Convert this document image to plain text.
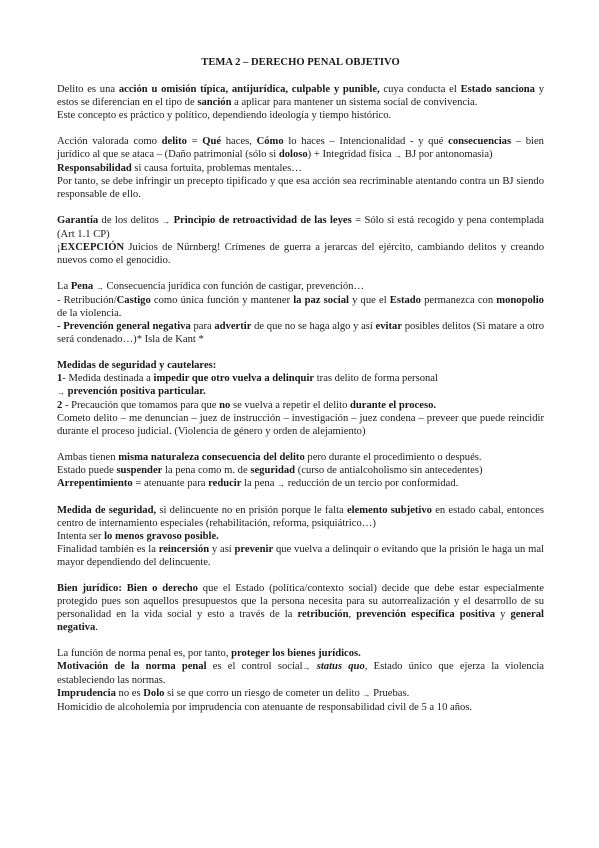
TEMA 2 – DERECHO PENAL OBJETIVO

Delito es una acción u omisión típica, antijurídica, culpable y punible, cuya conducta el Estado sanciona y estos se diferencian en el tipo de sanción a aplicar para mantener un sistema social de convivencia.

Este concepto es práctico y político, dependiendo ideología y tiempo histórico.

Acción valorada como delito = Qué haces, Cómo lo haces – Intencionalidad - y qué consecuencias – bien jurídico al que se ataca – (Daño patrimonial (sólo si doloso) + Integridad física → BJ por antonomasia)

Responsabilidad si causa fortuita, problemas mentales…

Por tanto, se debe infringir un precepto tipificado y que esa acción sea recriminable atentando contra un BJ siendo responsable de ello.

Garantía de los delitos → Principio de retroactividad de las leyes = Sólo si está recogido y pena contemplada (Art 1.1 CP)

¡EXCEPCIÓN Juicios de Nürnberg! Crímenes de guerra a jerarcas del ejército, cambiando delitos y creando nuevos como el genocidio.

La Pena → Consecuencia jurídica con función de castigar, prevención…

- Retribución/Castigo como única función y mantener la paz social y que el Estado permanezca con monopolio de la violencia.

- Prevención general negativa para advertir de que no se haga algo y así evitar posibles delitos (Si matare a otro será condenado…)* Isla de Kant *

Medidas de seguridad y cautelares:

1- Medida destinada a impedir que otro vuelva a delinquir tras delito de forma personal

→ prevención positiva particular.

2 - Precaución que tomamos para que no se vuelva a repetir el delito durante el proceso.

Cometo delito – me denuncian – juez de instrucción – investigación – juez condena – preveer que puede reincidir durante el proceso judicial. (Violencia de género y orden de alejamiento)

Ambas tienen misma naturaleza consecuencia del delito pero durante el procedimiento o después.

Estado puede suspender la pena como m. de seguridad (curso de antialcoholismo sin antecedentes)

Arrepentimiento = atenuante para reducir la pena → reducción de un tercio por conformidad.

Medida de seguridad, si delincuente no en prisión porque le falta elemento subjetivo en estado cabal, entonces centro de internamiento especiales (rehabilitación, reforma, psiquiátrico…)

Intenta ser lo menos gravoso posible.

Finalidad también es la reincersión y así prevenir que vuelva a delinquir o evitando que la prisión le haga un mal mayor dependiendo del delincuente.

Bien jurídico: Bien o derecho que el Estado (política/contexto social) decide que debe estar especialmente protegido pues son aquellos presupuestos que la persona necesita para su autorrealización y el desarrollo de su personalidad en la vida social y esto a través de la retribución, prevención específica positiva y general negativa.

La función de norma penal es, por tanto, proteger los bienes jurídicos.

Motivación de la norma penal es el control social→ status quo, Estado único que ejerza la violencia estableciendo las normas.

Imprudencia no es Dolo si se que corro un riesgo de cometer un delito → Pruebas.

Homicidio de alcoholemia por imprudencia con atenuante de responsabilidad civil de 5 a 10 años.
